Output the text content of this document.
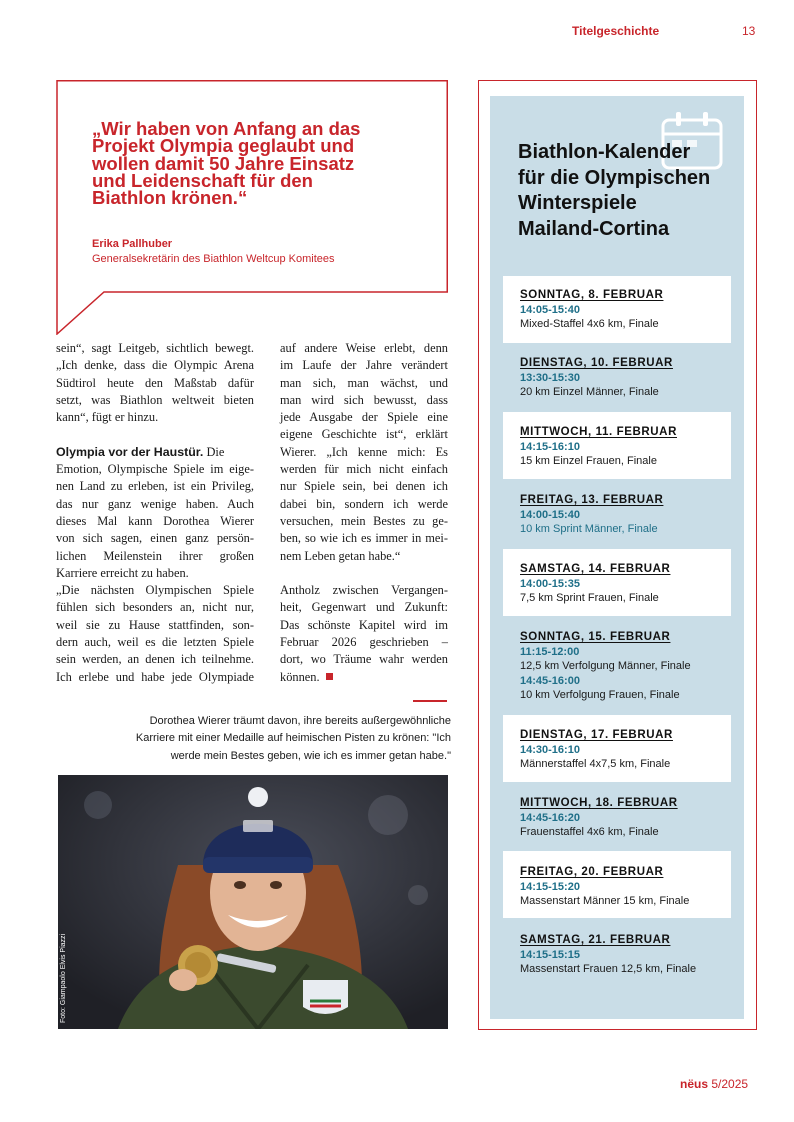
Titelgeschichte	13
„Wir haben von Anfang an das
Projekt Olympia geglaubt und
wollen damit 50 Jahre Einsatz
und Leidenschaft für den
Biathlon krönen.“
Erika Pallhuber
Generalsekretärin des Biathlon Weltcup Komitees
sein“, sagt Leitgeb, sichtlich bewegt.
„Ich denke, dass die Olympic Arena
Südtirol heute den Maßstab dafür
setzt, was Biathlon weltweit bieten
kann“, fügt er hinzu.
Olympia vor der Haustür. Die
Emotion, Olympische Spiele im eige-
nen Land zu erleben, ist ein Privileg,
das nur ganz wenige haben. Auch
dieses Mal kann Dorothea Wierer
von sich sagen, einen ganz persön-
lichen Meilenstein ihrer großen
Karriere erreicht zu haben.
„Die nächsten Olympischen Spiele
fühlen sich besonders an, nicht nur,
weil sie zu Hause stattfinden, son-
dern auch, weil es die letzten Spiele
sein werden, an denen ich teilnehme.
Ich erlebe und habe jede Olympiade
auf andere Weise erlebt, denn
im Laufe der Jahre verändert
man sich, man wächst, und
man wird sich bewusst, dass
jede Ausgabe der Spiele eine
eigene Geschichte ist“, erklärt
Wierer. „Ich kenne mich: Es
werden für mich nicht einfach
nur Spiele sein, bei denen ich
dabei bin, sondern ich werde
versuchen, mein Bestes zu ge-
ben, so wie ich es immer in mei-
nem Leben getan habe.“
Antholz zwischen Vergangen-
heit, Gegenwart und Zukunft:
Das schönste Kapitel wird im
Februar 2026 geschrieben –
dort, wo Träume wahr werden
können.
Dorothea Wierer träumt davon, ihre bereits außergewöhnliche
Karriere mit einer Medaille auf heimischen Pisten zu krönen: "Ich
werde mein Bestes geben, wie ich es immer getan habe."
Foto: Giampaolo Elvis Piazzi
Biathlon-Kalender
für die Olympischen
Winterspiele
Mailand-Cortina
SONNTAG, 8. FEBRUAR
14:05-15:40
Mixed-Staffel 4x6 km, Finale
DIENSTAG, 10. FEBRUAR
13:30-15:30
20 km Einzel Männer, Finale
MITTWOCH, 11. FEBRUAR
14:15-16:10
15 km Einzel Frauen, Finale
FREITAG, 13. FEBRUAR
14:00-15:40
10 km Sprint Männer, Finale
SAMSTAG, 14. FEBRUAR
14:00-15:35
7,5 km Sprint Frauen, Finale
SONNTAG, 15. FEBRUAR
11:15-12:00
12,5 km Verfolgung Männer, Finale
14:45-16:00
10 km Verfolgung Frauen, Finale
DIENSTAG, 17. FEBRUAR
14:30-16:10
Männerstaffel 4x7,5 km, Finale
MITTWOCH, 18. FEBRUAR
14:45-16:20
Frauenstaffel 4x6 km, Finale
FREITAG, 20. FEBRUAR
14:15-15:20
Massenstart Männer 15 km, Finale
SAMSTAG, 21. FEBRUAR
14:15-15:15
Massenstart Frauen 12,5 km, Finale
nëus 5/2025
